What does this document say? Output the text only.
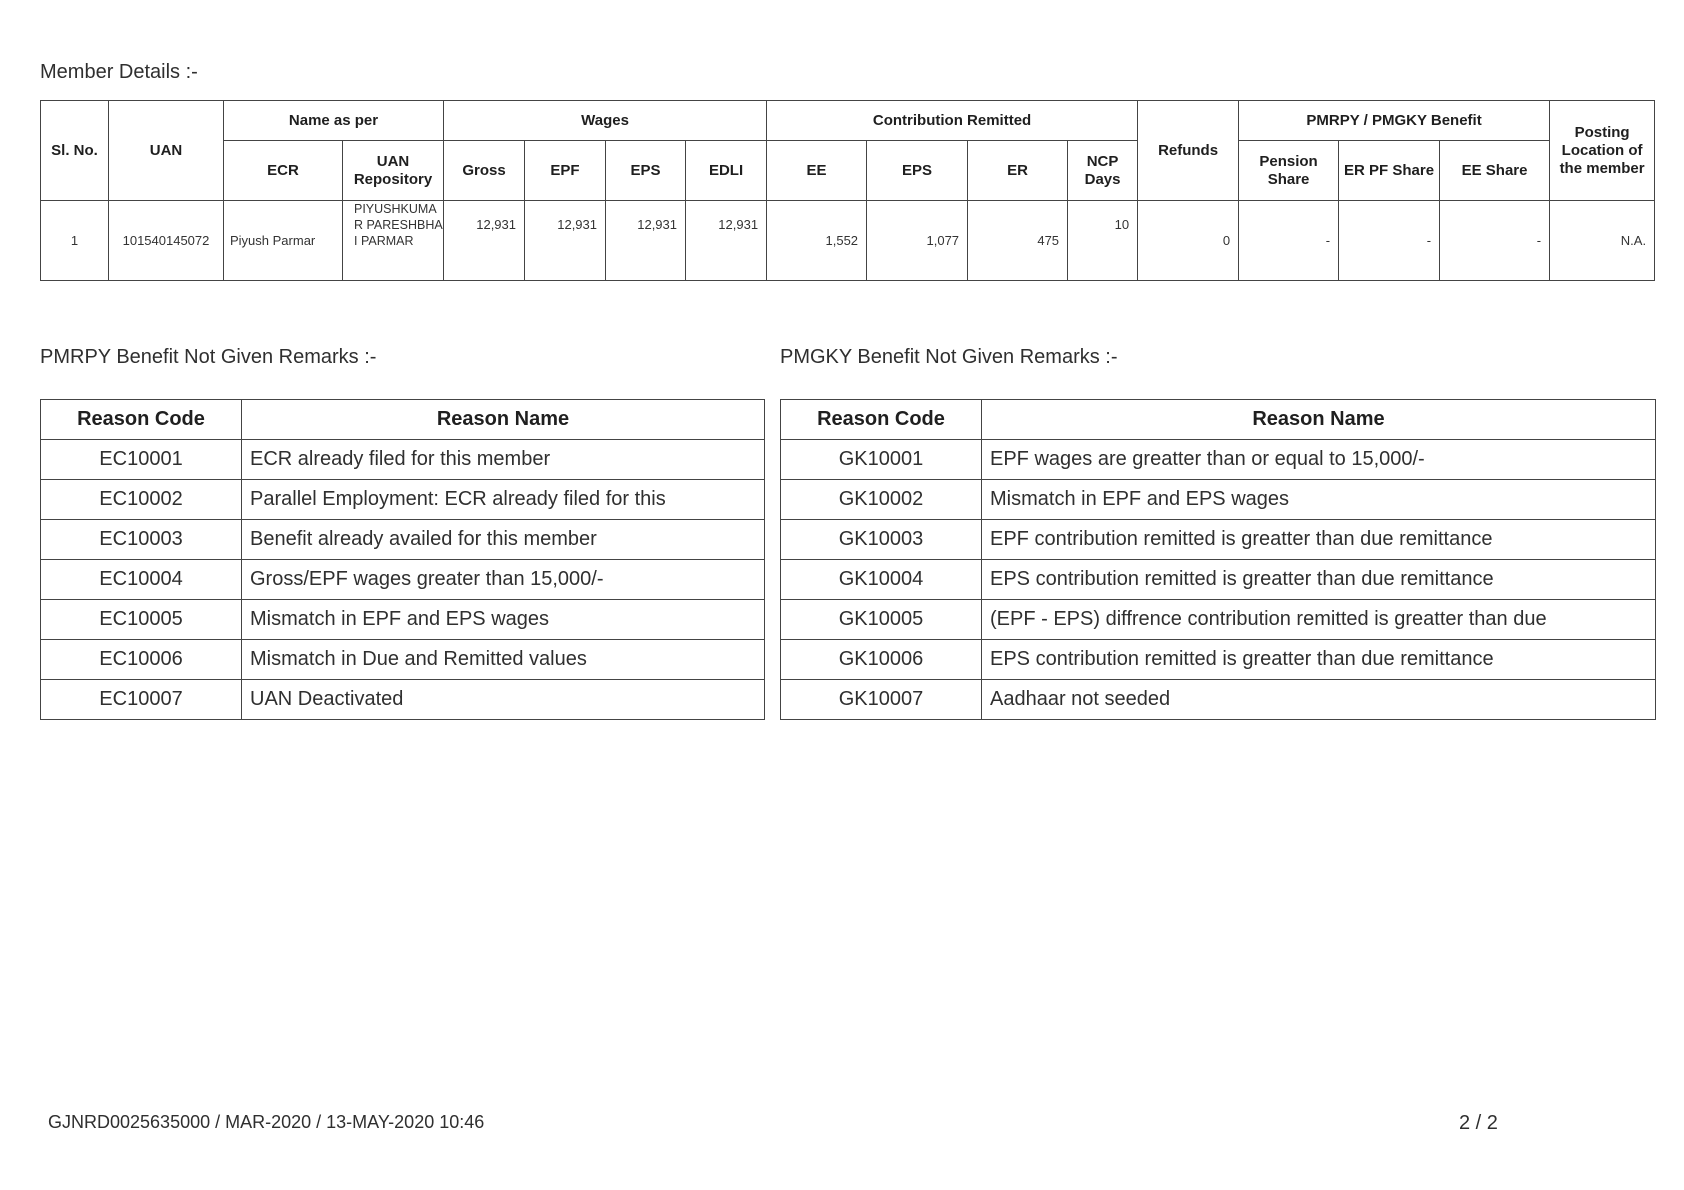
Member Details :-
Sl. No.	UAN	Name as per		Wages				Contribution Remitted				Refunds	PMRPY / PMGKY Benefit			Posting Location of the member
		ECR	UAN Repository	Gross	EPF	EPS	EDLI	EE	EPS	ER	NCP Days		Pension Share	ER PF Share	EE Share	
1	101540145072	Piyush Parmar	PIYUSHKUMAR PARESHBHAI PARMAR	12,931	12,931	12,931	12,931	1,552	1,077	475	10	0	-	-	-	N.A.
PMRPY Benefit Not Given Remarks :-
Reason Code	Reason Name
EC10001	ECR already filed for this member
EC10002	Parallel Employment: ECR already filed for this
EC10003	Benefit already availed for this member
EC10004	Gross/EPF wages greater than 15,000/-
EC10005	Mismatch in EPF and EPS wages
EC10006	Mismatch in Due and Remitted values
EC10007	UAN Deactivated
PMGKY Benefit Not Given Remarks :-
Reason Code	Reason Name
GK10001	EPF wages are greatter than or equal to 15,000/-
GK10002	Mismatch in EPF and EPS wages
GK10003	EPF contribution remitted is greatter than due remittance
GK10004	EPS contribution remitted is greatter than due remittance
GK10005	(EPF - EPS) diffrence contribution remitted is greatter than due
GK10006	EPS contribution remitted is greatter than due remittance
GK10007	Aadhaar not seeded
GJNRD0025635000 / MAR-2020 / 13-MAY-2020 10:46	2 / 2
